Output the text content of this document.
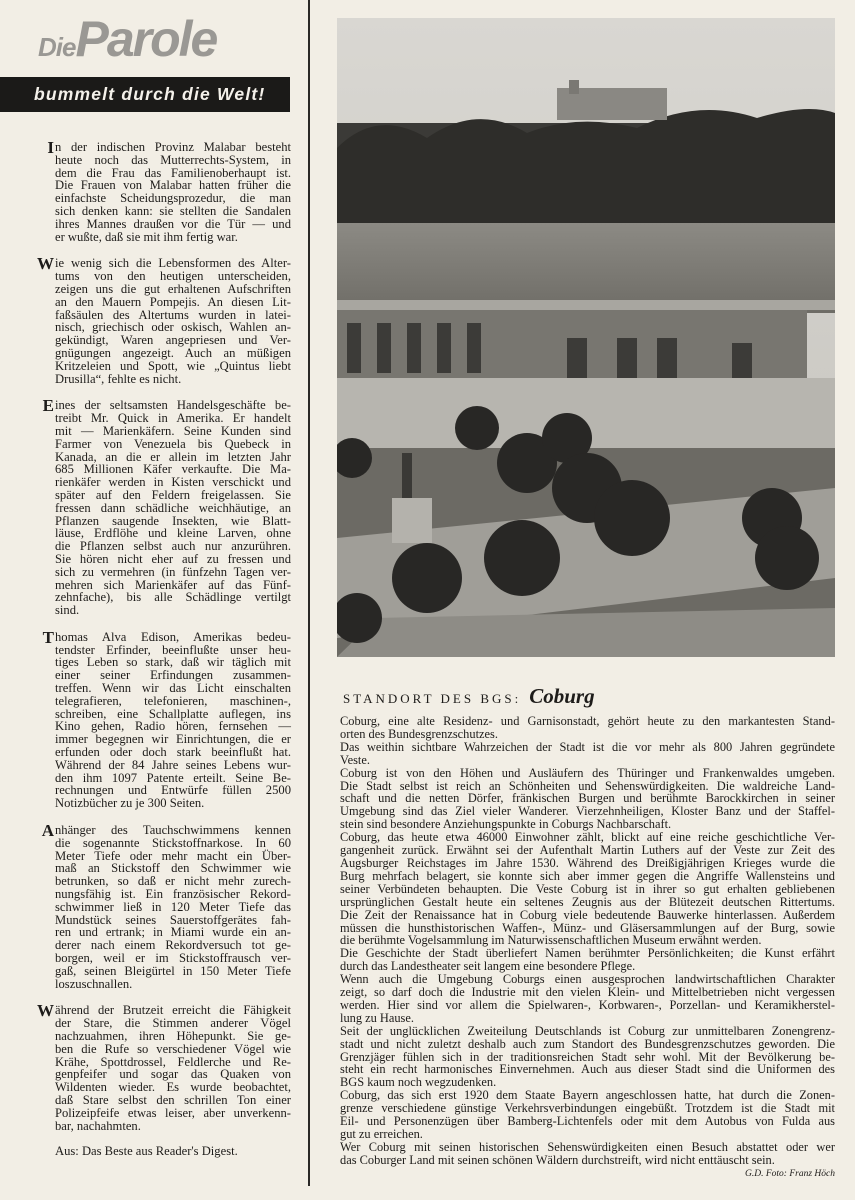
DieParole
bummelt durch die Welt!
I n der indischen Provinz Malabar besteht
heute noch das Mutterrechts-System, in
dem die Frau das Familienoberhaupt ist.
Die Frauen von Malabar hatten früher die
einfachste Scheidungsprozedur, die man
sich denken kann: sie stellten die Sandalen
ihres Mannes draußen vor die Tür — und
er wußte, daß sie mit ihm fertig war.
W ie wenig sich die Lebensformen des Alter-
tums von den heutigen unterscheiden,
zeigen uns die gut erhaltenen Aufschriften
an den Mauern Pompejis. An diesen Lit-
faßsäulen des Altertums wurden in latei-
nisch, griechisch oder oskisch, Wahlen an-
gekündigt, Waren angepriesen und Ver-
gnügungen angezeigt. Auch an müßigen
Kritzeleien und Spott, wie „Quintus liebt
Drusilla“, fehlte es nicht.
E ines der seltsamsten Handelsgeschäfte be-
treibt Mr. Quick in Amerika. Er handelt
mit — Marienkäfern. Seine Kunden sind
Farmer von Venezuela bis Quebeck in
Kanada, an die er allein im letzten Jahr
685 Millionen Käfer verkaufte. Die Ma-
rienkäfer werden in Kisten verschickt und
später auf den Feldern freigelassen. Sie
fressen dann schädliche weichhäutige, an
Pflanzen saugende Insekten, wie Blatt-
läuse, Erdflöhe und kleine Larven, ohne
die Pflanzen selbst auch nur anzurühren.
Sie hören nicht eher auf zu fressen und
sich zu vermehren (in fünfzehn Tagen ver-
mehren sich Marienkäfer auf das Fünf-
zehnfache), bis alle Schädlinge vertilgt
sind.
T homas Alva Edison, Amerikas bedeu-
tendster Erfinder, beeinflußte unser heu-
tiges Leben so stark, daß wir täglich mit
einer seiner Erfindungen zusammen-
treffen. Wenn wir das Licht einschalten
telegrafieren, telefonieren, maschinen-,
schreiben, eine Schallplatte auflegen, ins
Kino gehen, Radio hören, fernsehen —
immer begegnen wir Einrichtungen, die er
erfunden oder doch stark beeinflußt hat.
Während der 84 Jahre seines Lebens wur-
den ihm 1097 Patente erteilt. Seine Be-
rechnungen und Entwürfe füllen 2500
Notizbücher zu je 300 Seiten.
A nhänger des Tauchschwimmens kennen
die sogenannte Stickstoffnarkose. In 60
Meter Tiefe oder mehr macht ein Über-
maß an Stickstoff den Schwimmer wie
betrunken, so daß er nicht mehr zurech-
nungsfähig ist. Ein französischer Rekord-
schwimmer ließ in 120 Meter Tiefe das
Mundstück seines Sauerstoffgerätes fah-
ren und ertrank; in Miami wurde ein an-
derer nach einem Rekordversuch tot ge-
borgen, weil er im Stickstoffrausch ver-
gaß, seinen Bleigürtel in 150 Meter Tiefe
loszuschnallen.
W ährend der Brutzeit erreicht die Fähigkeit
der Stare, die Stimmen anderer Vögel
nachzuahmen, ihren Höhepunkt. Sie ge-
ben die Rufe so verschiedener Vögel wie
Krähe, Spottdrossel, Feldlerche und Re-
genpfeifer und sogar das Quaken von
Wildenten wieder. Es wurde beobachtet,
daß Stare selbst den schrillen Ton einer
Polizeipfeife etwas leiser, aber unverkenn-
bar, nachahmten.
Aus: Das Beste aus Reader's Digest.
STANDORT DES BGS: Coburg
Coburg, eine alte Residenz- und Garnisonstadt, gehört heute zu den markantesten Stand-
orten des Bundesgrenzschutzes.
Das weithin sichtbare Wahrzeichen der Stadt ist die vor mehr als 800 Jahren gegründete
Veste.
Coburg ist von den Höhen und Ausläufern des Thüringer und Frankenwaldes umgeben.
Die Stadt selbst ist reich an Schönheiten und Sehenswürdigkeiten. Die waldreiche Land-
schaft und die netten Dörfer, fränkischen Burgen und berühmte Barockkirchen in seiner
Umgebung sind das Ziel vieler Wanderer. Vierzehnheiligen, Kloster Banz und der Staffel-
stein sind besondere Anziehungspunkte in Coburgs Nachbarschaft.
Coburg, das heute etwa 46000 Einwohner zählt, blickt auf eine reiche geschichtliche Ver-
gangenheit zurück. Erwähnt sei der Aufenthalt Martin Luthers auf der Veste zur Zeit des
Augsburger Reichstages im Jahre 1530. Während des Dreißigjährigen Krieges wurde die
Burg mehrfach belagert, sie konnte sich aber immer gegen die Angriffe Wallensteins und
seiner Verbündeten behaupten. Die Veste Coburg ist in ihrer so gut erhalten gebliebenen
ursprünglichen Gestalt heute ein seltenes Zeugnis aus der Blütezeit deutschen Rittertums.
Die Zeit der Renaissance hat in Coburg viele bedeutende Bauwerke hinterlassen. Außerdem
müssen die hunsthistorischen Waffen-, Münz- und Gläsersammlungen auf der Burg, sowie
die berühmte Vogelsammlung im Naturwissenschaftlichen Museum erwähnt werden.
Die Geschichte der Stadt überliefert Namen berühmter Persönlichkeiten; die Kunst erfährt
durch das Landestheater seit langem eine besondere Pflege.
Wenn auch die Umgebung Coburgs einen ausgesprochen landwirtschaftlichen Charakter
zeigt, so darf doch die Industrie mit den vielen Klein- und Mittelbetrieben nicht vergessen
werden. Hier sind vor allem die Spielwaren-, Korbwaren-, Porzellan- und Keramikherstel-
lung zu Hause.
Seit der unglücklichen Zweiteilung Deutschlands ist Coburg zur unmittelbaren Zonengrenz-
stadt und nicht zuletzt deshalb auch zum Standort des Bundesgrenzschutzes geworden. Die
Grenzjäger fühlen sich in der traditionsreichen Stadt sehr wohl. Mit der Bevölkerung be-
steht ein recht harmonisches Einvernehmen. Auch aus dieser Stadt sind die Uniformen des
BGS kaum noch wegzudenken.
Coburg, das sich erst 1920 dem Staate Bayern angeschlossen hatte, hat durch die Zonen-
grenze verschiedene günstige Verkehrsverbindungen eingebüßt. Trotzdem ist die Stadt mit
Eil- und Personenzügen über Bamberg-Lichtenfels oder mit dem Autobus von Fulda aus
gut zu erreichen.
Wer Coburg mit seinen historischen Sehenswürdigkeiten einen Besuch abstattet oder wer
das Coburger Land mit seinen schönen Wäldern durchstreift, wird nicht enttäuscht sein.
G.D. Foto: Franz Höch
